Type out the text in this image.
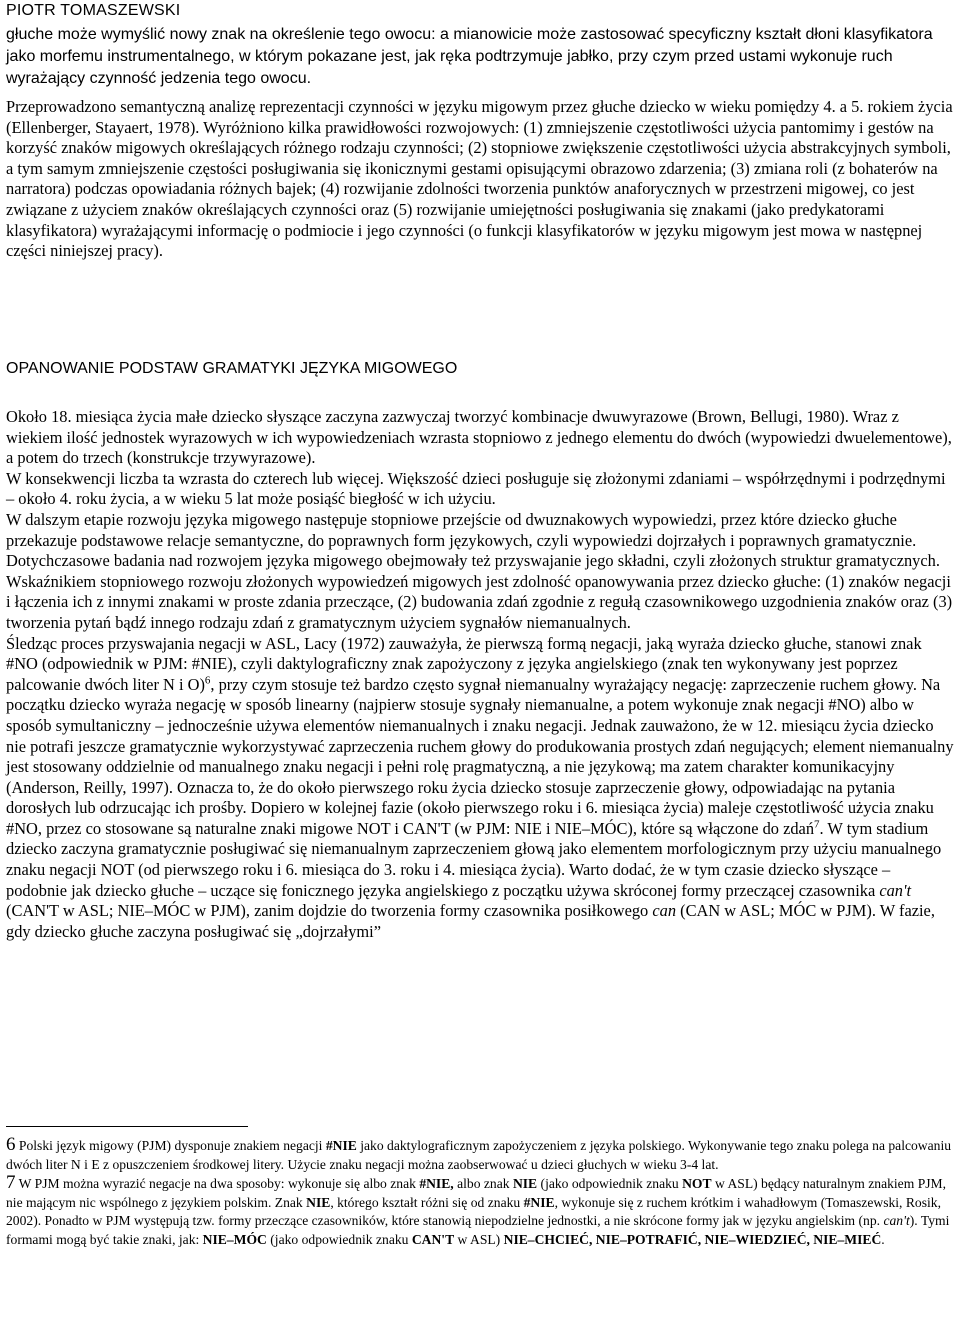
PIOTR TOMASZEWSKI
głuche może wymyślić nowy znak na określenie tego owocu: a mianowicie może zastosować specyficzny kształt dłoni klasyfikatora jako morfemu instrumentalnego, w którym pokazane jest, jak ręka podtrzymuje jabłko, przy czym przed ustami wykonuje ruch wyrażający czynność jedzenia tego owocu.
Przeprowadzono semantyczną analizę reprezentacji czynności w języku migowym przez głuche dziecko w wieku pomiędzy 4. a 5. rokiem życia (Ellenberger, Stayaert, 1978). Wyróżniono kilka prawidłowości rozwojowych: (1) zmniejszenie częstotliwości użycia pantomimy i gestów na korzyść znaków migowych określających różnego rodzaju czynności; (2) stopniowe zwiększenie częstotliwości użycia abstrakcyjnych symboli, a tym samym zmniejszenie częstości posługiwania się ikonicznymi gestami opisującymi obrazowo zdarzenia; (3) zmiana roli (z bohaterów na narratora) podczas opowiadania różnych bajek; (4) rozwijanie zdolności tworzenia punktów anaforycznych w przestrzeni migowej, co jest związane z użyciem znaków określających czynności oraz (5) rozwijanie umiejętności posługiwania się znakami (jako predykatorami klasyfikatora) wyrażającymi informację o podmiocie i jego czynności (o funkcji klasyfikatorów w języku migowym jest mowa w następnej części niniejszej pracy).
OPANOWANIE PODSTAW GRAMATYKI JĘZYKA MIGOWEGO

Około 18. miesiąca życia małe dziecko słyszące zaczyna zazwyczaj tworzyć kombinacje dwuwyrazowe (Brown, Bellugi, 1980). Wraz z wiekiem ilość jednostek wyrazowych w ich wypowiedzeniach wzrasta stopniowo z jednego elementu do dwóch (wypowiedzi dwuelementowe), a potem do trzech (konstrukcje trzywyrazowe).

W konsekwencji liczba ta wzrasta do czterech lub więcej. Większość dzieci posługuje się złożonymi zdaniami – współrzędnymi i podrzędnymi – około 4. roku życia, a w wieku 5 lat może posiąść biegłość w ich użyciu.

W dalszym etapie rozwoju języka migowego następuje stopniowe przejście od dwuznakowych wypowiedzi, przez które dziecko głuche przekazuje podstawowe relacje semantyczne, do poprawnych form językowych, czyli wypowiedzi dojrzałych i poprawnych gramatycznie.

Dotychczasowe badania nad rozwojem języka migowego obejmowały też przyswajanie jego składni, czyli złożonych struktur gramatycznych. Wskaźnikiem stopniowego rozwoju złożonych wypowiedzeń migowych jest zdolność opanowywania przez dziecko głuche: (1) znaków negacji i łączenia ich z innymi znakami w proste zdania przeczące, (2) budowania zdań zgodnie z regułą czasownikowego uzgodnienia znaków oraz (3) tworzenia pytań bądź innego rodzaju zdań z gramatycznym użyciem sygnałów niemanualnych.

Śledząc proces przyswajania negacji w ASL, Lacy (1972) zauważyła, że pierwszą formą negacji, jaką wyraża dziecko głuche, stanowi znak #NO (odpowiednik w PJM: #NIE), czyli daktylograficzny znak zapożyczony z języka angielskiego (znak ten wykonywany jest poprzez palcowanie dwóch liter N i O)$^6$, przy czym stosuje też bardzo często sygnał niemanualny wyrażający negację: zaprzeczenie ruchem głowy. Na początku dziecko wyraża negację w sposób linearny (najpierw stosuje sygnały niemanualne, a potem wykonuje znak negacji #NO) albo w sposób symultaniczny – jednocześnie używa elementów niemanualnych i znaku negacji. Jednak zauważono, że w 12. miesiącu życia dziecko nie potrafi jeszcze gramatycznie wykorzystywać zaprzeczenia ruchem głowy do produkowania prostych zdań negujących; element niemanualny jest stosowany oddzielnie od manualnego znaku negacji i pełni rolę pragmatyczną, a nie językową; ma zatem charakter komunikacyjny (Anderson, Reilly, 1997). Oznacza to, że do około pierwszego roku życia dziecko stosuje zaprzeczenie głowy, odpowiadając na pytania dorosłych lub odrzucając ich prośby. Dopiero w kolejnej fazie (około pierwszego roku i 6. miesiąca życia) maleje częstotliwość użycia znaku #NO, przez co stosowane są naturalne znaki migowe NOT i CAN'T (w PJM: NIE i NIE–MÓC), które są włączone do zdań$^7$. W tym stadium dziecko zaczyna gramatycznie posługiwać się niemanualnym zaprzeczeniem głową jako elementem morfologicznym przy użyciu manualnego znaku negacji NOT (od pierwszego roku i 6. miesiąca do 3. roku i 4. miesiąca życia). Warto dodać, że w tym czasie dziecko słyszące – podobnie jak dziecko głuche – uczące się fonicznego języka angielskiego z początku używa skróconej formy przeczącej czasownika can't (CAN'T w ASL; NIE–MÓC w PJM), zanim dojdzie do tworzenia formy czasownika posiłkowego can (CAN w ASL; MÓC w PJM). W fazie, gdy dziecko głuche zaczyna posługiwać się „dojrzałymi”

6 Polski język migowy (PJM) dysponuje znakiem negacji #NIE jako daktylograficznym zapożyczeniem z języka polskiego. Wykonywanie tego znaku polega na palcowaniu dwóch liter N i E z opuszczeniem środkowej litery. Użycie znaku negacji można zaobserwować u dzieci głuchych w wieku 3-4 lat.

7 W PJM można wyrazić negacje na dwa sposoby: wykonuje się albo znak #NIE, albo znak NIE (jako odpowiednik znaku NOT w ASL) będący naturalnym znakiem PJM, nie mającym nic wspólnego z językiem polskim. Znak NIE, którego kształt różni się od znaku #NIE, wykonuje się z ruchem krótkim i wahadłowym (Tomaszewski, Rosik, 2002). Ponadto w PJM występują tzw. formy przeczące czasowników, które stanowią niepodzielne jednostki, a nie skrócone formy jak w języku angielskim (np. can't). Tymi formami mogą być takie znaki, jak: NIE–MÓC (jako odpowiednik znaku CAN'T w ASL) NIE–CHCIEĆ, NIE–POTRAFIĆ, NIE–WIEDZIEĆ, NIE–MIEĆ.
